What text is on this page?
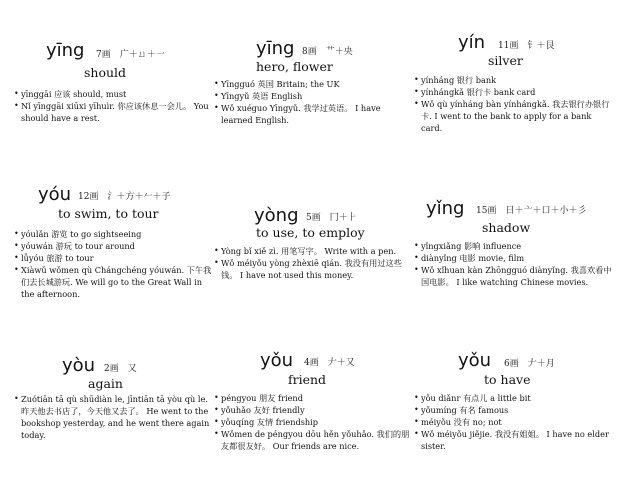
yīng 7画　广＋ㄩ＋一
should
• yīnggāi 应该 should, must
• Nǐ yīnggāi xiūxi yīhuìr. 你应该休息一会儿。 You should have a rest.
yīng 8画　艹＋央
hero, flower
• Yīngguó 英国 Britain; the UK
• Yīngyǔ 英语 English
• Wǒ xuéguo Yīngyǔ. 我学过英语。 I have learned English.
yín 11画　钅＋艮
silver
• yínháng 银行 bank
• yínhángkǎ 银行卡 bank card
• Wǒ qù yínháng bàn yínhángkǎ. 我去银行办银行卡. I went to the bank to apply for a bank card.
yóu 12画　氵＋方＋𠂉＋子
to swim, to tour
• yóulǎn 游览 to go sightseeing
• yóuwán 游玩 to tour around
• lǚyóu 旅游 to tour
• Xiàwǔ wǒmen qù Chángchéng yóuwán. 下午我们去长城游玩. We will go to the Great Wall in the afternoon.
yòng 5画　冂＋⺊
to use, to employ
• Yòng bǐ xiě zì. 用笔写字。 Write with a pen.
• Wǒ méiyǒu yòng zhèxiē qián. 我没有用过这些钱。 I have not used this money.
yǐng 15画　日＋亠＋口＋小＋彡
shadow
• yǐngxiǎng 影响 influence
• diànyǐng 电影 movie, film
• Wǒ xǐhuan kàn Zhōngguó diànyǐng. 我喜欢看中国电影。 I like watching Chinese movies.
yòu 2画　又
again
• Zuótiān tā qù shūdiàn le, jīntiān tā yòu qù le. 昨天他去书店了，今天他又去了。 He went to the bookshop yesterday, and he went there again today.
yǒu 4画　𠂇＋又
friend
• péngyou 朋友 friend
• yǒuhǎo 友好 friendly
• yǒuqíng 友情 friendship
• Wǒmen de péngyou dōu hěn yǒuhǎo. 我们的朋友都很友好。 Our friends are nice.
yǒu 6画　𠂇＋月
to have
• yǒu diǎnr 有点儿 a little bit
• yǒumíng 有名 famous
• méiyǒu 没有 no; not
• Wǒ méiyǒu jiějie. 我没有姐姐。 I have no elder sister.
